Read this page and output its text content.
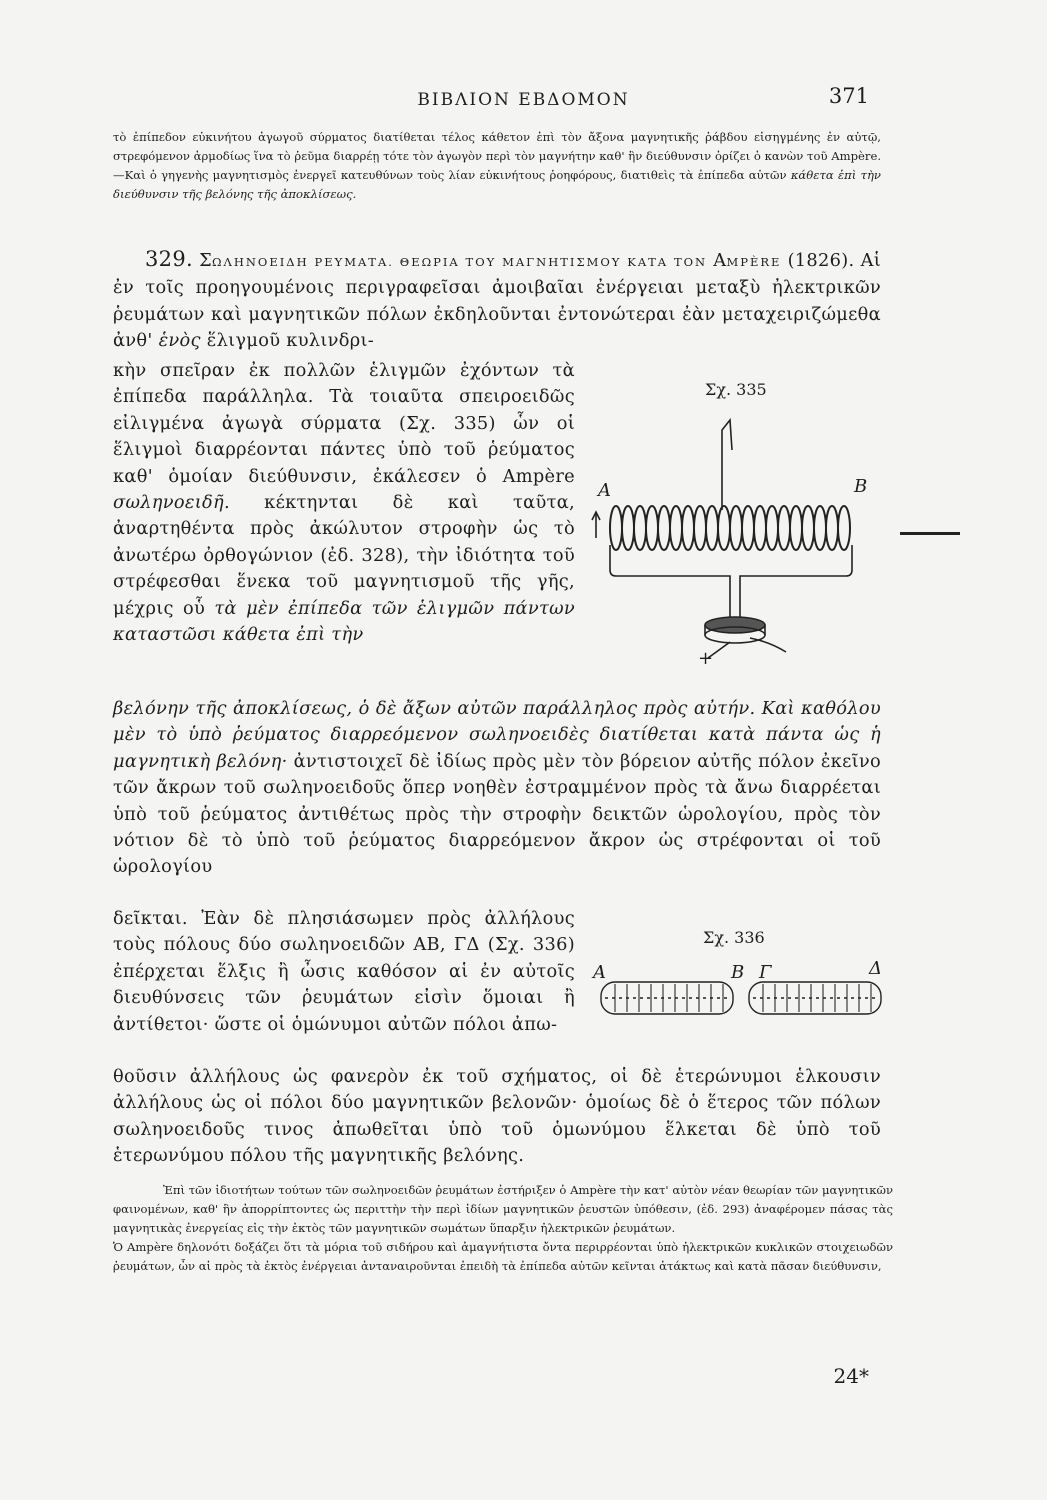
ΒΙΒΛΙΟΝ ΕΒΔΟΜΟΝ	371

τὸ ἐπίπεδον εὐκινήτου ἀγωγοῦ σύρματος διατίθεται τέλος κάθετον ἐπὶ τὸν ἄξονα μαγνητικῆς ῥάβδου εἰσηγμένης ἐν αὐτῷ, στρεφόμενον ἁρμοδίως ἵνα τὸ ῥεῦμα διαρρέῃ τότε τὸν ἀγωγὸν περὶ τὸν μαγνήτην καθ' ἣν διεύθυνσιν ὁρίζει ὁ κανὼν τοῦ Ampère.—Καὶ ὁ γηγενὴς μαγνητισμὸς ἐνεργεῖ κατευθύνων τοὺς λίαν εὐκινήτους ῥοηφόρους, διατιθεὶς τὰ ἐπίπεδα αὐτῶν κάθετα ἐπὶ τὴν διεύθυνσιν τῆς βελόνης τῆς ἀποκλίσεως.

329. ΣΩΛΗΝΟΕΙΔΗ ΡΕΥΜΑΤΑ. ΘΕΩΡΙΑ ΤΟΥ ΜΑΓΝΗΤΙΣΜΟΥ ΚΑΤΑ ΤΟΝ AMPÈRE (1826). Αἱ ἐν τοῖς προηγουμένοις περιγραφεῖσαι ἀμοιβαῖαι ἐνέργειαι μεταξὺ ἠλεκτρικῶν ῥευμάτων καὶ μαγνητικῶν πόλων ἐκδηλοῦνται ἐντονώτεραι ἐὰν μεταχειριζώμεθα ἀνθ' ἑνὸς ἕλιγμοῦ κυλινδρι-

κὴν σπεῖραν ἐκ πολλῶν ἑλιγμῶν ἐχόντων τὰ ἐπίπεδα παράλληλα. Τὰ τοιαῦτα σπειροειδῶς εἰλιγμένα ἀγωγὰ σύρματα (Σχ. 335) ὧν οἱ ἕλιγμοὶ διαρρέονται πάντες ὑπὸ τοῦ ῥεύματος καθ' ὁμοίαν διεύθυνσιν, ἐκάλεσεν ὁ Ampère σωληνοειδῆ. κέκτηνται δὲ καὶ ταῦτα, ἀναρτηθέντα πρὸς ἀκώλυτον στροφὴν ὡς τὸ ἀνωτέρω ὀρθογώνιον (ἐδ. 328), τὴν ἰδιότητα τοῦ στρέφεσθαι ἕνεκα τοῦ μαγνητισμοῦ τῆς γῆς, μέχρις οὗ τὰ μὲν ἐπίπεδα τῶν ἑλιγμῶν πάντων καταστῶσι κάθετα ἐπὶ τὴν

βελόνην τῆς ἀποκλίσεως, ὁ δὲ ἄξων αὐτῶν παράλληλος πρὸς αὐτήν. Καὶ καθόλου μὲν τὸ ὑπὸ ῥεύματος διαρρεόμενον σωληνοειδὲς διατίθεται κατὰ πάντα ὡς ἡ μαγνητικὴ βελόνη· ἀντιστοιχεῖ δὲ ἰδίως πρὸς μὲν τὸν βόρειον αὐτῆς πόλον ἐκεῖνο τῶν ἄκρων τοῦ σωληνοειδοῦς ὅπερ νοηθὲν ἐστραμμένον πρὸς τὰ ἄνω διαρρέεται ὑπὸ τοῦ ῥεύματος ἀντιθέτως πρὸς τὴν στροφὴν δεικτῶν ὡρολογίου, πρὸς τὸν νότιον δὲ τὸ ὑπὸ τοῦ ῥεύματος διαρρεόμενον ἄκρον ὡς στρέφονται οἱ τοῦ ὡρολογίου

δεῖκται. Ἐὰν δὲ πλησιάσωμεν πρὸς ἀλλήλους τοὺς πόλους δύο σωληνοειδῶν ΑΒ, ΓΔ (Σχ. 336) ἐπέρχεται ἕλξις ἢ ὦσις καθόσον αἱ ἐν αὐτοῖς διευθύνσεις τῶν ῥευμάτων εἰσὶν ὅμοιαι ἢ ἀντίθετοι· ὥστε οἱ ὁμώνυμοι αὐτῶν πόλοι ἀπω-

θοῦσιν ἀλλήλους ὡς φανερὸν ἐκ τοῦ σχήματος, οἱ δὲ ἑτερώνυμοι ἑλκουσιν ἀλλήλους ὡς οἱ πόλοι δύο μαγνητικῶν βελονῶν· ὁμοίως δὲ ὁ ἕτερος τῶν πόλων σωληνοειδοῦς τινος ἀπωθεῖται ὑπὸ τοῦ ὁμωνύμου ἕλκεται δὲ ὑπὸ τοῦ ἑτερωνύμου πόλου τῆς μαγνητικῆς βελόνης.

Ἐπὶ τῶν ἰδιοτήτων τούτων τῶν σωληνοειδῶν ῥευμάτων ἐστήριξεν ὁ Ampère τὴν κατ' αὐτὸν νέαν θεωρίαν τῶν μαγνητικῶν φαινομένων, καθ' ἣν ἀπορρίπτοντες ὡς περιττὴν τὴν περὶ ἰδίων μαγνητικῶν ῥευστῶν ὑπόθεσιν, (ἐδ. 293) ἀναφέρομεν πάσας τὰς μαγνητικὰς ἐνεργείας εἰς τὴν ἐκτὸς τῶν μαγνητικῶν σωμάτων ὕπαρξιν ἠλεκτρικῶν ῥευμάτων.

Ὁ Ampère δηλονότι δοξάζει ὅτι τὰ μόρια τοῦ σιδήρου καὶ ἀμαγνήτιστα ὄντα περιρρέονται ὑπὸ ἠλεκτρικῶν κυκλικῶν στοιχειωδῶν ῥευμάτων, ὧν αἱ πρὸς τὰ ἐκτὸς ἐνέργειαι ἀνταναιροῦνται ἐπειδὴ τὰ ἐπίπεδα αὐτῶν κεῖνται ἀτάκτως καὶ κατὰ πᾶσαν διεύθυνσιν,

24*
Σχ. 335
A	B
+
Σχ. 336
A	B Γ	Δ
